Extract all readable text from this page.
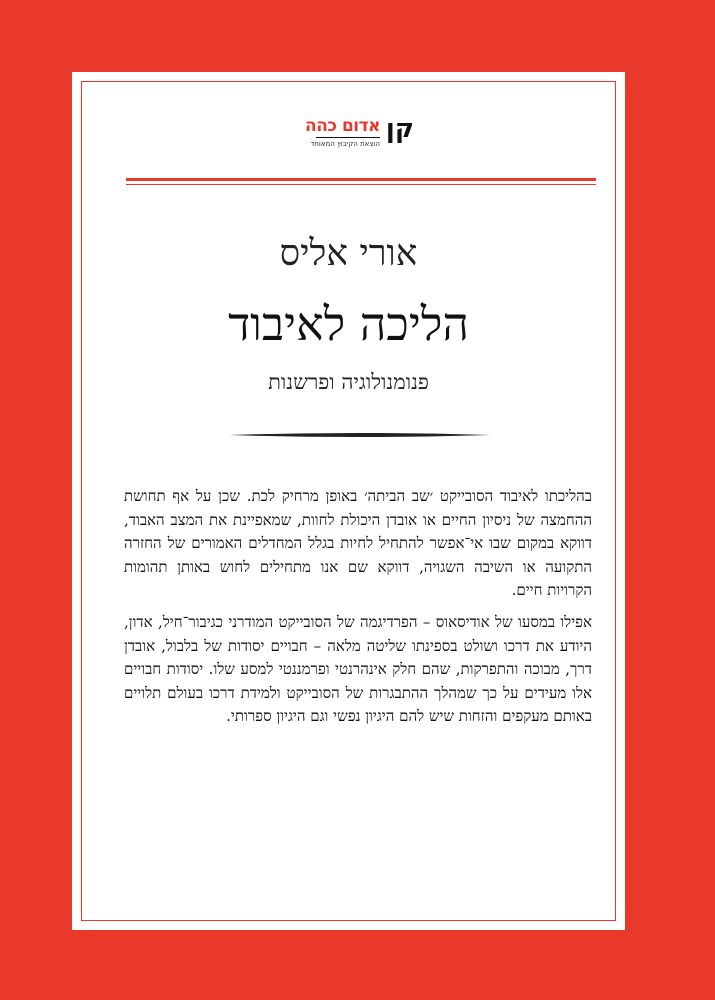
קן
אדום כהה
הוצאת הקיבוץ המאוחד
אורי אליס
הליכה לאיבוד
פנומנולוגיה ופרשנות

בהליכתו לאיבוד הסובייקט ׳שב הביתה׳ באופן מרחיק לכת. שכן על אף תחושת ההחמצה של ניסיון החיים או אובדן היכולת לחוות, שמאפיינת את המצב האבוד, דווקא במקום שבו אי־אפשר להתחיל לחיות בגלל המחדלים האמורים של החזרה התקועה או השיבה השגויה, דווקא שם אנו מתחילים לחוש באותן תהומות הקרויות חיים.

אפילו במסעו של אודיסאוס – הפרדיגמה של הסובייקט המודרני כגיבור־חיל, אדון, היודע את דרכו ושולט בספינתו שליטה מלאה – חבויים יסודות של בלבול, אובדן דרך, מבוכה והתפרקות, שהם חלק אינהרנטי ופרמננטי למסע שלו. יסודות חבויים אלו מעידים על כך שמהלך ההתבגרות של הסובייקט ולמידת דרכו בעולם תלויים באותם מעקפים והזחות שיש להם היגיון נפשי וגם היגיון ספרותי.
